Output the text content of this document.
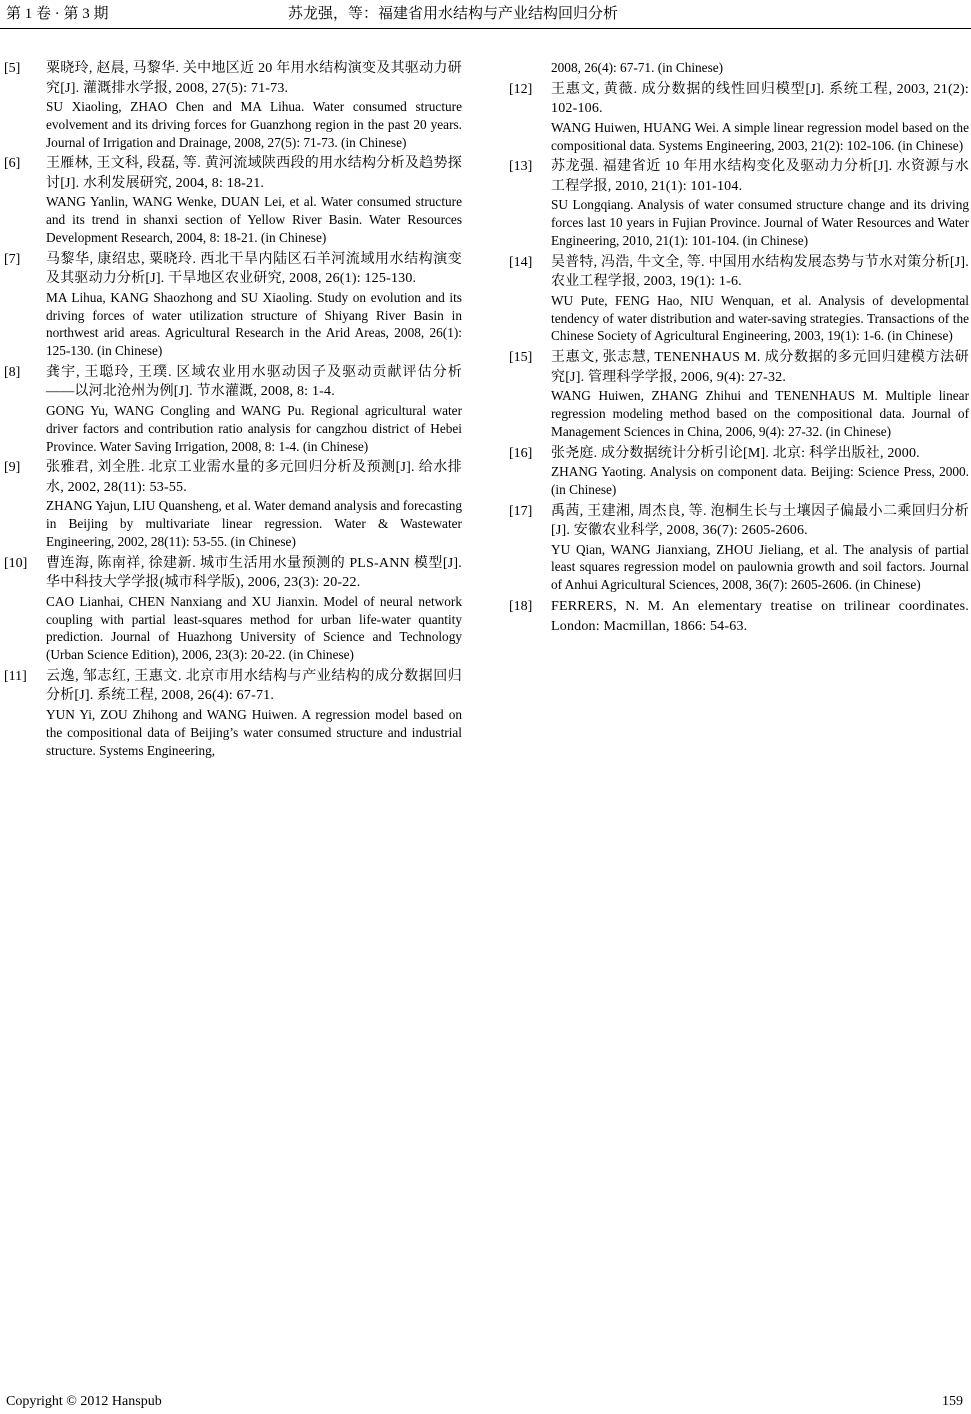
第 1 卷 · 第 3 期	苏龙强，等：福建省用水结构与产业结构回归分析
[5] 粟晓玲, 赵晨, 马黎华. 关中地区近 20 年用水结构演变及其驱动力研究[J]. 灌溉排水学报, 2008, 27(5): 71-73.
SU Xiaoling, ZHAO Chen and MA Lihua. Water consumed structure evolvement and its driving forces for Guanzhong region in the past 20 years. Journal of Irrigation and Drainage, 2008, 27(5): 71-73. (in Chinese)
[6] 王雁林, 王文科, 段磊, 等. 黄河流域陕西段的用水结构分析及趋势探讨[J]. 水利发展研究, 2004, 8: 18-21.
WANG Yanlin, WANG Wenke, DUAN Lei, et al. Water consumed structure and its trend in shanxi section of Yellow River Basin. Water Resources Development Research, 2004, 8: 18-21. (in Chinese)
[7] 马黎华, 康绍忠, 粟晓玲. 西北干旱内陆区石羊河流域用水结构演变及其驱动力分析[J]. 干旱地区农业研究, 2008, 26(1): 125-130.
MA Lihua, KANG Shaozhong and SU Xiaoling. Study on evolution and its driving forces of water utilization structure of Shiyang River Basin in northwest arid areas. Agricultural Research in the Arid Areas, 2008, 26(1): 125-130. (in Chinese)
[8] 龚宇, 王聪玲, 王璞. 区域农业用水驱动因子及驱动贡献评估分析——以河北沧州为例[J]. 节水灌溉, 2008, 8: 1-4.
GONG Yu, WANG Congling and WANG Pu. Regional agricultural water driver factors and contribution ratio analysis for cangzhou district of Hebei Province. Water Saving Irrigation, 2008, 8: 1-4. (in Chinese)
[9] 张雅君, 刘全胜. 北京工业需水量的多元回归分析及预测[J]. 给水排水, 2002, 28(11): 53-55.
ZHANG Yajun, LIU Quansheng, et al. Water demand analysis and forecasting in Beijing by multivariate linear regression. Water & Wastewater Engineering, 2002, 28(11): 53-55. (in Chinese)
[10] 曹连海, 陈南祥, 徐建新. 城市生活用水量预测的 PLS-ANN 模型[J]. 华中科技大学学报(城市科学版), 2006, 23(3): 20-22.
CAO Lianhai, CHEN Nanxiang and XU Jianxin. Model of neural network coupling with partial least-squares method for urban life-water quantity prediction. Journal of Huazhong University of Science and Technology (Urban Science Edition), 2006, 23(3): 20-22. (in Chinese)
[11] 云逸, 邹志红, 王惠文. 北京市用水结构与产业结构的成分数据回归分析[J]. 系统工程, 2008, 26(4): 67-71.
YUN Yi, ZOU Zhihong and WANG Huiwen. A regression model based on the compositional data of Beijing’s water consumed structure and industrial structure. Systems Engineering,
2008, 26(4): 67-71. (in Chinese)
[12] 王惠文, 黄薇. 成分数据的线性回归模型[J]. 系统工程, 2003, 21(2): 102-106.
WANG Huiwen, HUANG Wei. A simple linear regression model based on the compositional data. Systems Engineering, 2003, 21(2): 102-106. (in Chinese)
[13] 苏龙强. 福建省近 10 年用水结构变化及驱动力分析[J]. 水资源与水工程学报, 2010, 21(1): 101-104.
SU Longqiang. Analysis of water consumed structure change and its driving forces last 10 years in Fujian Province. Journal of Water Resources and Water Engineering, 2010, 21(1): 101-104. (in Chinese)
[14] 吴普特, 冯浩, 牛文全, 等. 中国用水结构发展态势与节水对策分析[J]. 农业工程学报, 2003, 19(1): 1-6.
WU Pute, FENG Hao, NIU Wenquan, et al. Analysis of developmental tendency of water distribution and water-saving strategies. Transactions of the Chinese Society of Agricultural Engineering, 2003, 19(1): 1-6. (in Chinese)
[15] 王惠文, 张志慧, TENENHAUS M. 成分数据的多元回归建模方法研究[J]. 管理科学学报, 2006, 9(4): 27-32.
WANG Huiwen, ZHANG Zhihui and TENENHAUS M. Multiple linear regression modeling method based on the compositional data. Journal of Management Sciences in China, 2006, 9(4): 27-32. (in Chinese)
[16] 张尧庭. 成分数据统计分析引论[M]. 北京: 科学出版社, 2000.
ZHANG Yaoting. Analysis on component data. Beijing: Science Press, 2000. (in Chinese)
[17] 禹茜, 王建湘, 周杰良, 等. 泡桐生长与土壤因子偏最小二乘回归分析[J]. 安徽农业科学, 2008, 36(7): 2605-2606.
YU Qian, WANG Jianxiang, ZHOU Jieliang, et al. The analysis of partial least squares regression model on paulownia growth and soil factors. Journal of Anhui Agricultural Sciences, 2008, 36(7): 2605-2606. (in Chinese)
[18] FERRERS, N. M. An elementary treatise on trilinear coordinates. London: Macmillan, 1866: 54-63.
Copyright © 2012 Hanspub	159
